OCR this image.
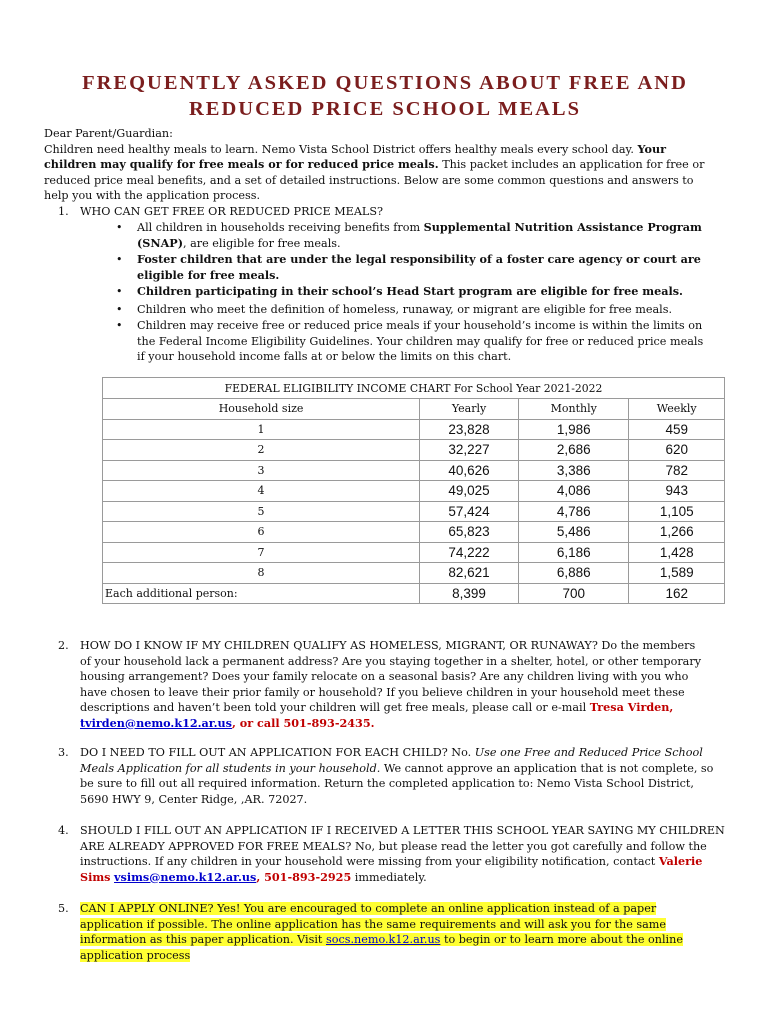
FREQUENTLY ASKED QUESTIONS ABOUT FREE AND
REDUCED PRICE SCHOOL MEALS
Dear Parent/Guardian:
Children need healthy meals to learn. Nemo Vista School District offers healthy meals every school day. Your
children may qualify for free meals or for reduced price meals. This packet includes an application for free or
reduced price meal benefits, and a set of detailed instructions. Below are some common questions and answers to
help you with the application process.
1. WHO CAN GET FREE OR REDUCED PRICE MEALS?
• All children in households receiving benefits from Supplemental Nutrition Assistance Program
(SNAP), are eligible for free meals.
• Foster children that are under the legal responsibility of a foster care agency or court are
eligible for free meals.
• Children participating in their school’s Head Start program are eligible for free meals.
• Children who meet the definition of homeless, runaway, or migrant are eligible for free meals.
• Children may receive free or reduced price meals if your household’s income is within the limits on
the Federal Income Eligibility Guidelines. Your children may qualify for free or reduced price meals
if your household income falls at or below the limits on this chart.
FEDERAL ELIGIBILITY INCOME CHART For School Year 2021-2022			
Household size	Yearly	Monthly	Weekly
1	23,828	1,986	459
2	32,227	2,686	620
3	40,626	3,386	782
4	49,025	4,086	943
5	57,424	4,786	1,105
6	65,823	5,486	1,266
7	74,222	6,186	1,428
8	82,621	6,886	1,589
Each additional person:	8,399	700	162
2. HOW DO I KNOW IF MY CHILDREN QUALIFY AS HOMELESS, MIGRANT, OR RUNAWAY? Do the members
of your household lack a permanent address? Are you staying together in a shelter, hotel, or other temporary
housing arrangement? Does your family relocate on a seasonal basis? Are any children living with you who
have chosen to leave their prior family or household? If you believe children in your household meet these
descriptions and haven’t been told your children will get free meals, please call or e-mail Tresa Virden,
tvirden@nemo.k12.ar.us, or call 501-893-2435.
3. DO I NEED TO FILL OUT AN APPLICATION FOR EACH CHILD? No. Use one Free and Reduced Price School
Meals Application for all students in your household. We cannot approve an application that is not complete, so
be sure to fill out all required information. Return the completed application to: Nemo Vista School District,
5690 HWY 9, Center Ridge, ,AR. 72027.
4. SHOULD I FILL OUT AN APPLICATION IF I RECEIVED A LETTER THIS SCHOOL YEAR SAYING MY CHILDREN
ARE ALREADY APPROVED FOR FREE MEALS? No, but please read the letter you got carefully and follow the
instructions. If any children in your household were missing from your eligibility notification, contact Valerie
Sims vsims@nemo.k12.ar.us, 501-893-2925 immediately.
5. CAN I APPLY ONLINE? Yes! You are encouraged to complete an online application instead of a paper
application if possible. The online application has the same requirements and will ask you for the same
information as this paper application. Visit socs.nemo.k12.ar.us to begin or to learn more about the online
application process
